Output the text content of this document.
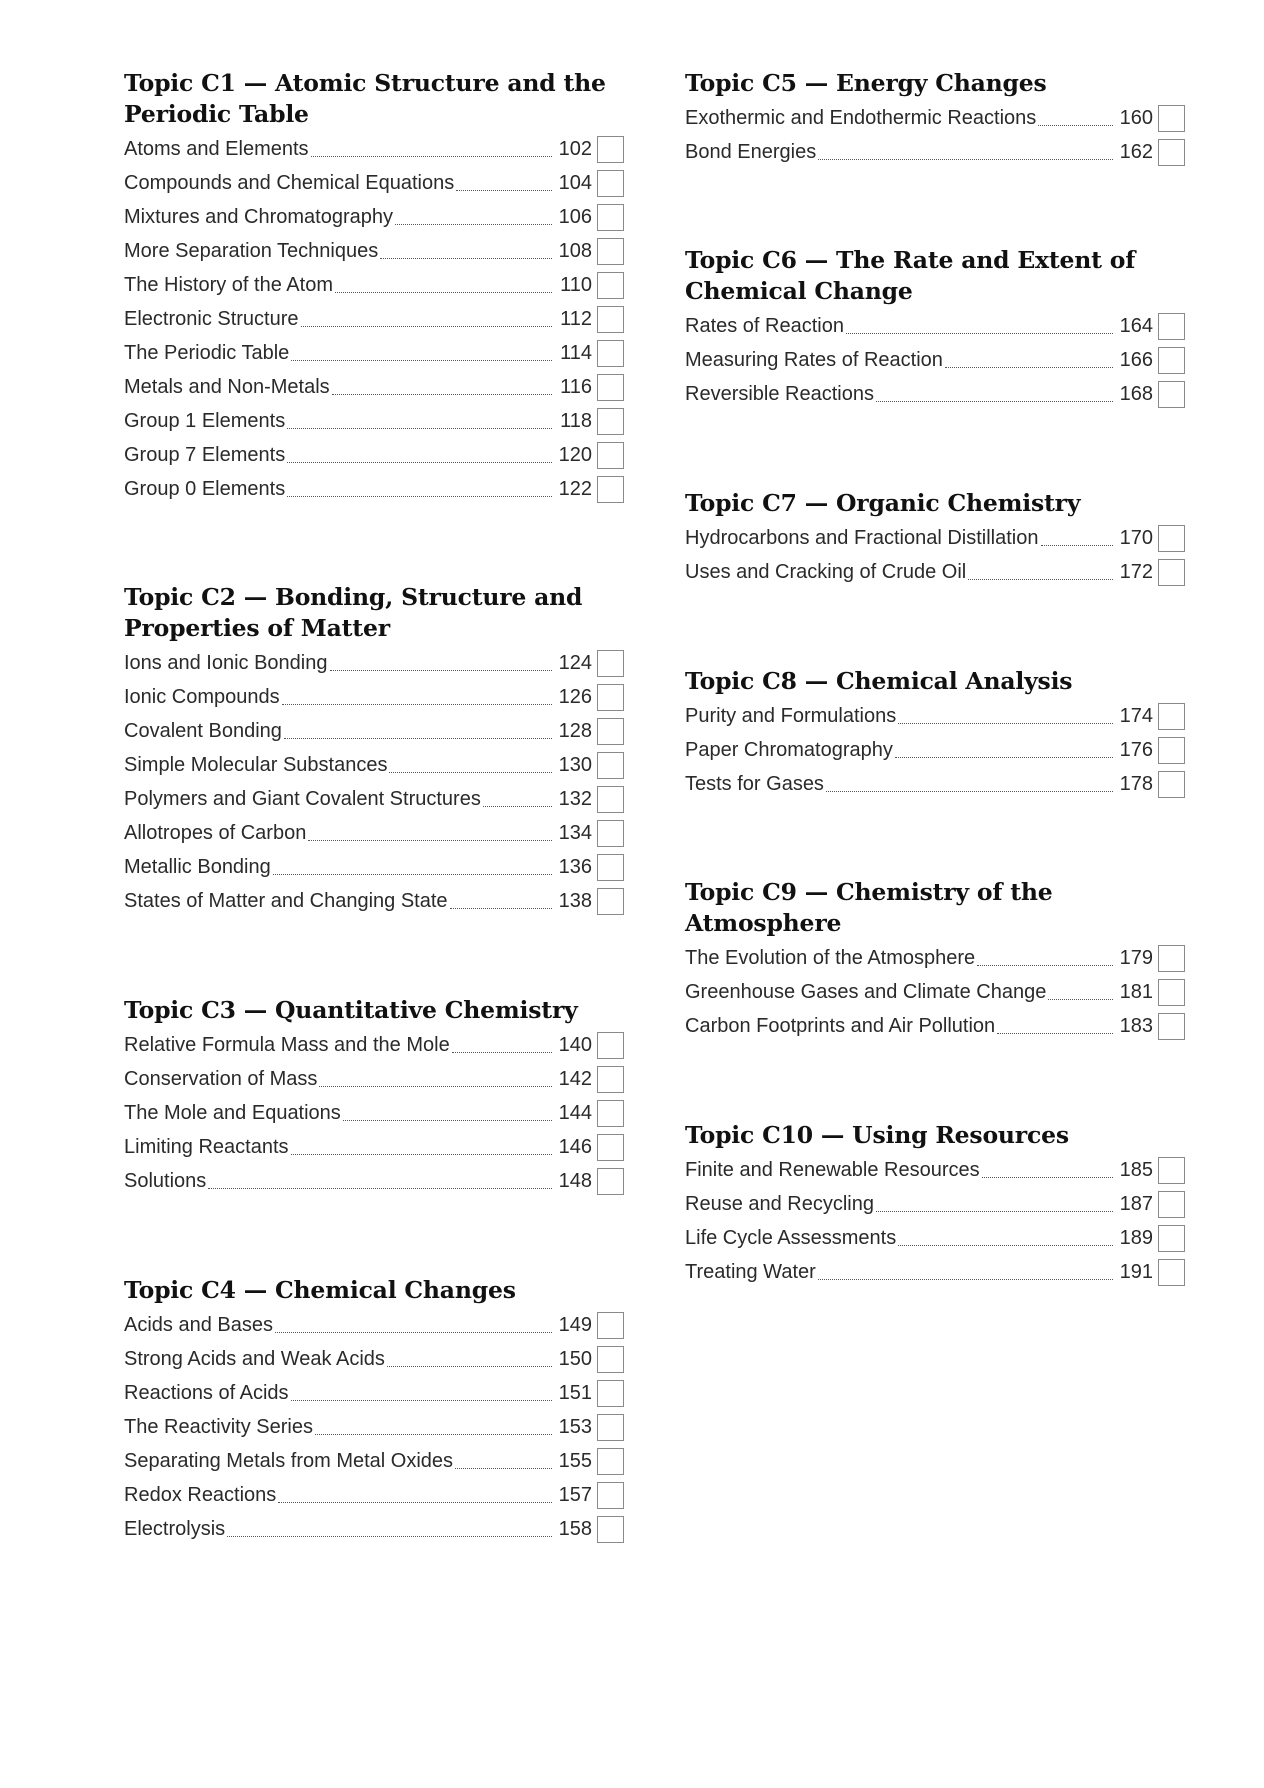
Topic C1 — Atomic Structure and the
Periodic Table
Atoms and Elements	102
Compounds and Chemical Equations	104
Mixtures and Chromatography	106
More Separation Techniques	108
The History of the Atom	110
Electronic Structure	112
The Periodic Table	114
Metals and Non-Metals	116
Group 1 Elements	118
Group 7 Elements	120
Group 0 Elements	122
Topic C2 — Bonding, Structure and
Properties of Matter
Ions and Ionic Bonding	124
Ionic Compounds	126
Covalent Bonding	128
Simple Molecular Substances	130
Polymers and Giant Covalent Structures	132
Allotropes of Carbon	134
Metallic Bonding	136
States of Matter and Changing State	138
Topic C3 — Quantitative Chemistry
Relative Formula Mass and the Mole	140
Conservation of Mass	142
The Mole and Equations	144
Limiting Reactants	146
Solutions	148
Topic C4 — Chemical Changes
Acids and Bases	149
Strong Acids and Weak Acids	150
Reactions of Acids	151
The Reactivity Series	153
Separating Metals from Metal Oxides	155
Redox Reactions	157
Electrolysis	158
Topic C5 — Energy Changes
Exothermic and Endothermic Reactions	160
Bond Energies	162
Topic C6 — The Rate and Extent of
Chemical Change
Rates of Reaction	164
Measuring Rates of Reaction	166
Reversible Reactions	168
Topic C7 — Organic Chemistry
Hydrocarbons and Fractional Distillation	170
Uses and Cracking of Crude Oil	172
Topic C8 — Chemical Analysis
Purity and Formulations	174
Paper Chromatography	176
Tests for Gases	178
Topic C9 — Chemistry of the
Atmosphere
The Evolution of the Atmosphere	179
Greenhouse Gases and Climate Change	181
Carbon Footprints and Air Pollution	183
Topic C10 — Using Resources
Finite and Renewable Resources	185
Reuse and Recycling	187
Life Cycle Assessments	189
Treating Water	191
